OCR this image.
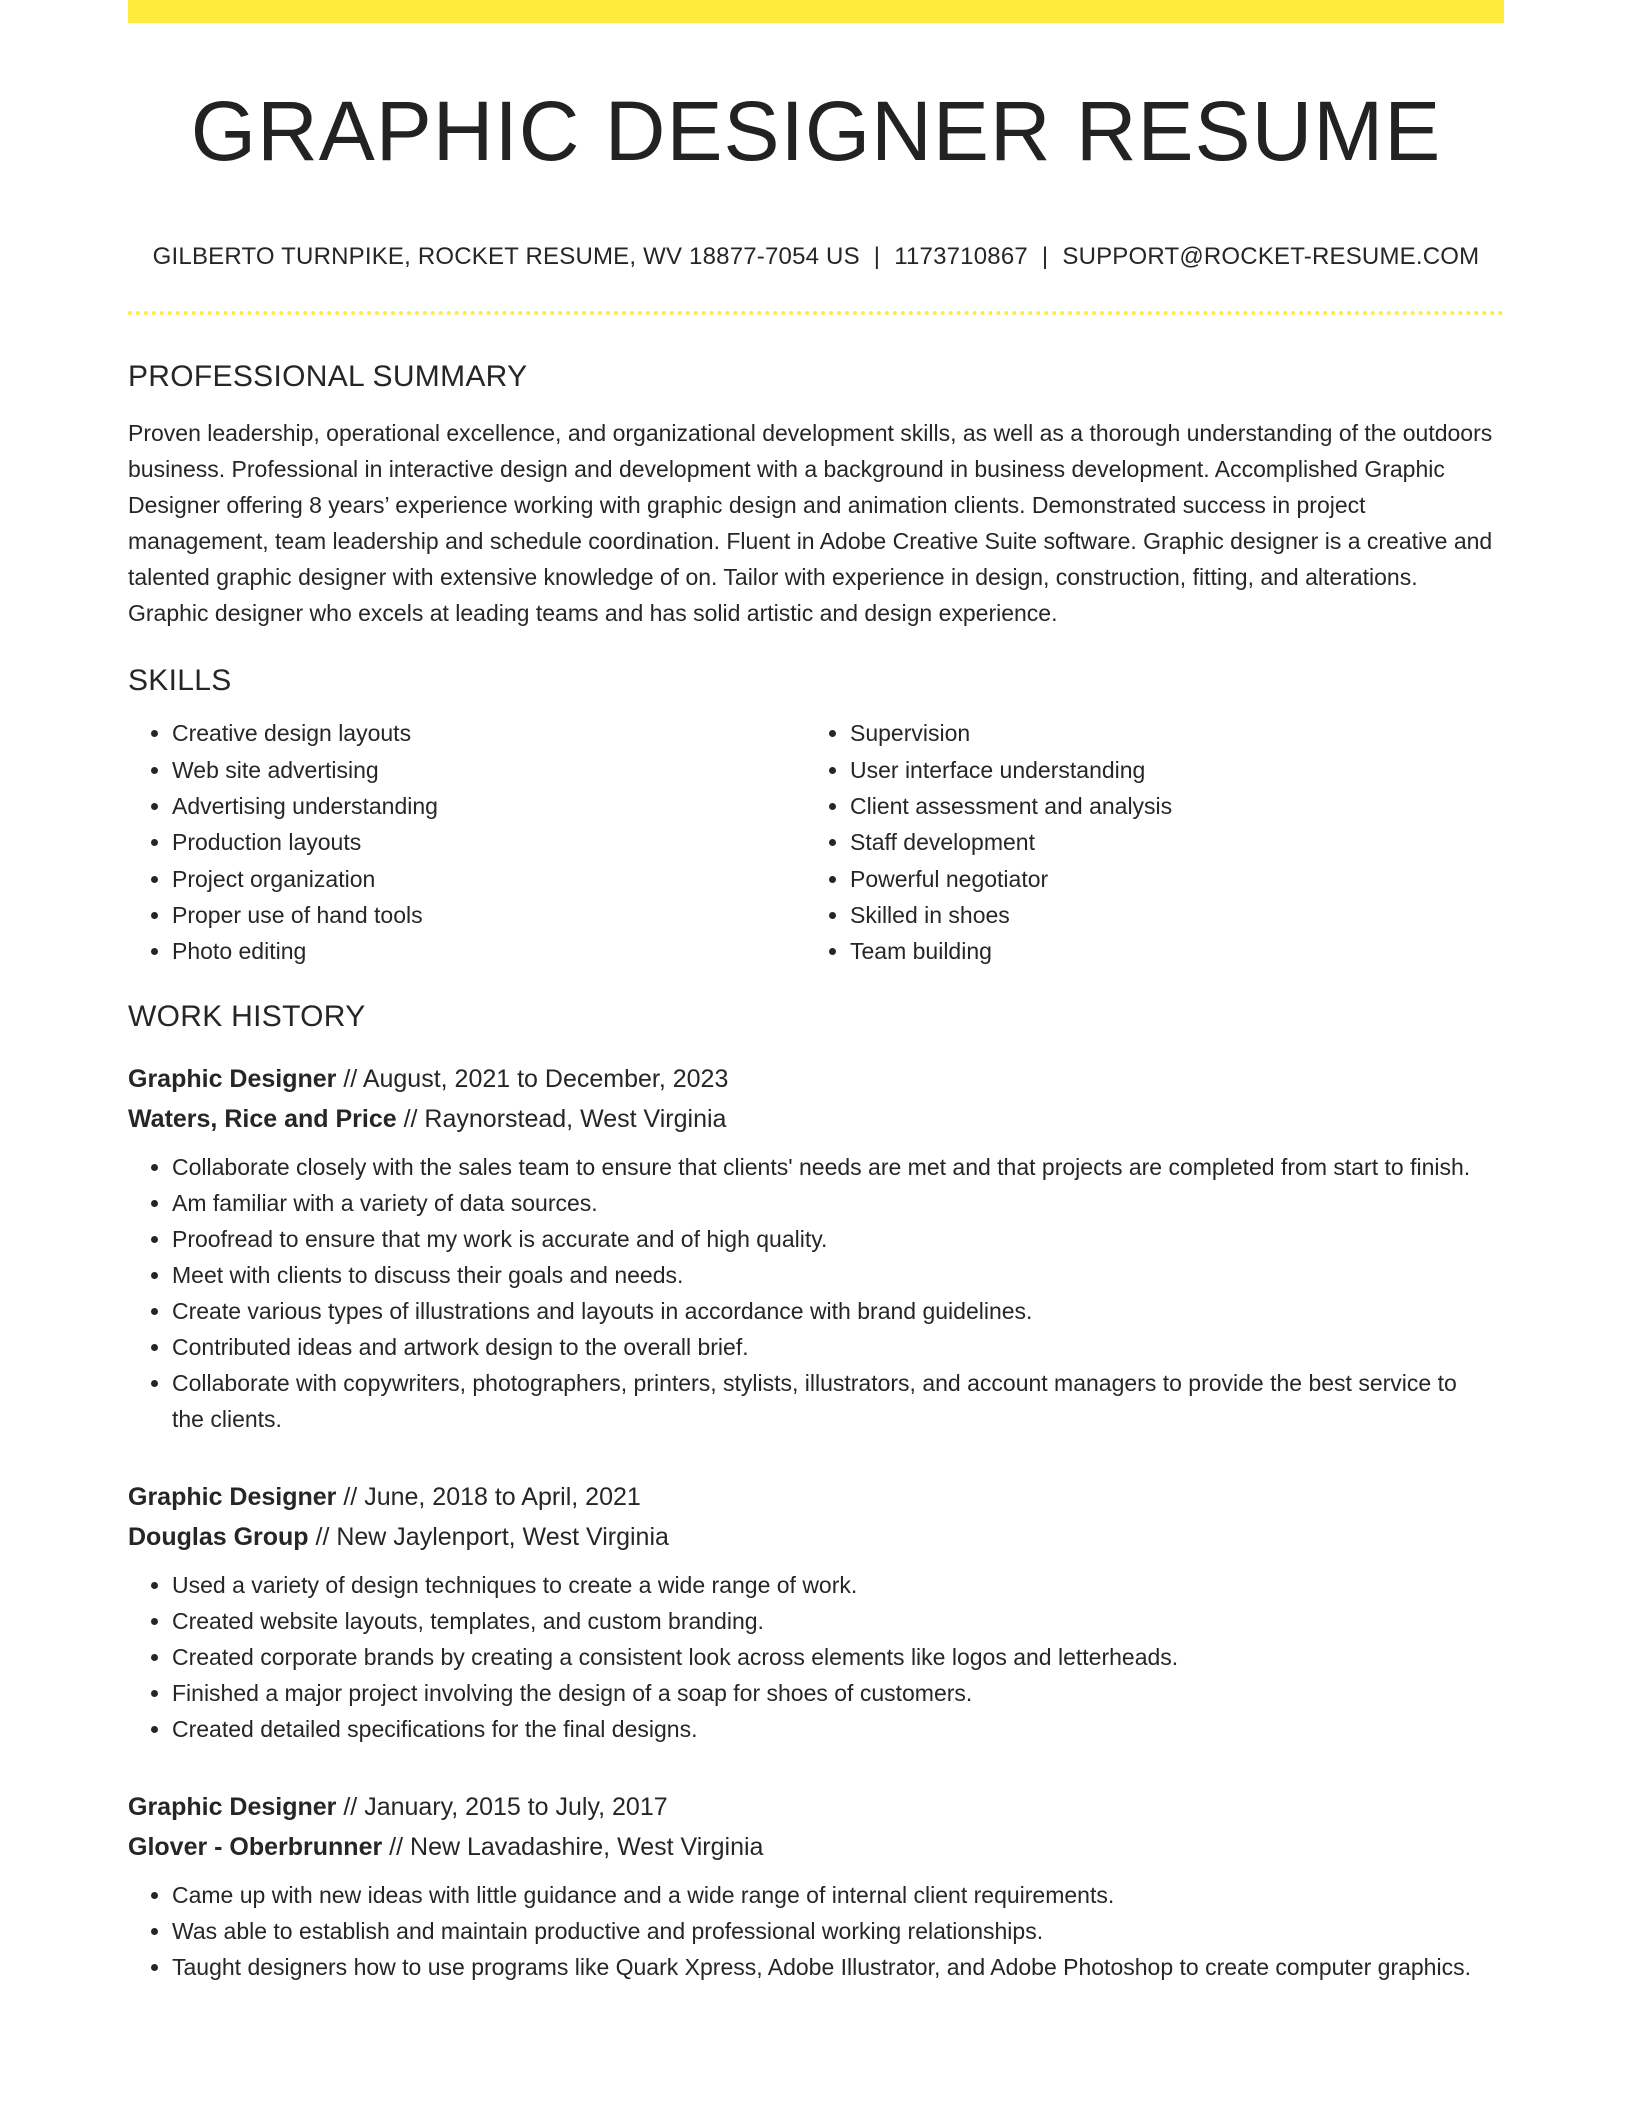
GRAPHIC DESIGNER RESUME
GILBERTO TURNPIKE, ROCKET RESUME, WV 18877-7054 US | 1173710867 | SUPPORT@ROCKET-RESUME.COM
PROFESSIONAL SUMMARY

Proven leadership, operational excellence, and organizational development skills, as well as a thorough understanding of the outdoors business. Professional in interactive design and development with a background in business development. Accomplished Graphic Designer offering 8 years’ experience working with graphic design and animation clients. Demonstrated success in project management, team leadership and schedule coordination. Fluent in Adobe Creative Suite software. Graphic designer is a creative and talented graphic designer with extensive knowledge of on. Tailor with experience in design, construction, fitting, and alterations. Graphic designer who excels at leading teams and has solid artistic and design experience.

SKILLS
• Creative design layouts
• Web site advertising
• Advertising understanding
• Production layouts
• Project organization
• Proper use of hand tools
• Photo editing
• Supervision
• User interface understanding
• Client assessment and analysis
• Staff development
• Powerful negotiator
• Skilled in shoes
• Team building
WORK HISTORY
Graphic Designer // August, 2021 to December, 2023
Waters, Rice and Price // Raynorstead, West Virginia
• Collaborate closely with the sales team to ensure that clients' needs are met and that projects are completed from start to finish.
• Am familiar with a variety of data sources.
• Proofread to ensure that my work is accurate and of high quality.
• Meet with clients to discuss their goals and needs.
• Create various types of illustrations and layouts in accordance with brand guidelines.
• Contributed ideas and artwork design to the overall brief.
• Collaborate with copywriters, photographers, printers, stylists, illustrators, and account managers to provide the best service to the clients.
Graphic Designer // June, 2018 to April, 2021
Douglas Group // New Jaylenport, West Virginia
• Used a variety of design techniques to create a wide range of work.
• Created website layouts, templates, and custom branding.
• Created corporate brands by creating a consistent look across elements like logos and letterheads.
• Finished a major project involving the design of a soap for shoes of customers.
• Created detailed specifications for the final designs.
Graphic Designer // January, 2015 to July, 2017
Glover - Oberbrunner // New Lavadashire, West Virginia
• Came up with new ideas with little guidance and a wide range of internal client requirements.
• Was able to establish and maintain productive and professional working relationships.
• Taught designers how to use programs like Quark Xpress, Adobe Illustrator, and Adobe Photoshop to create computer graphics.
